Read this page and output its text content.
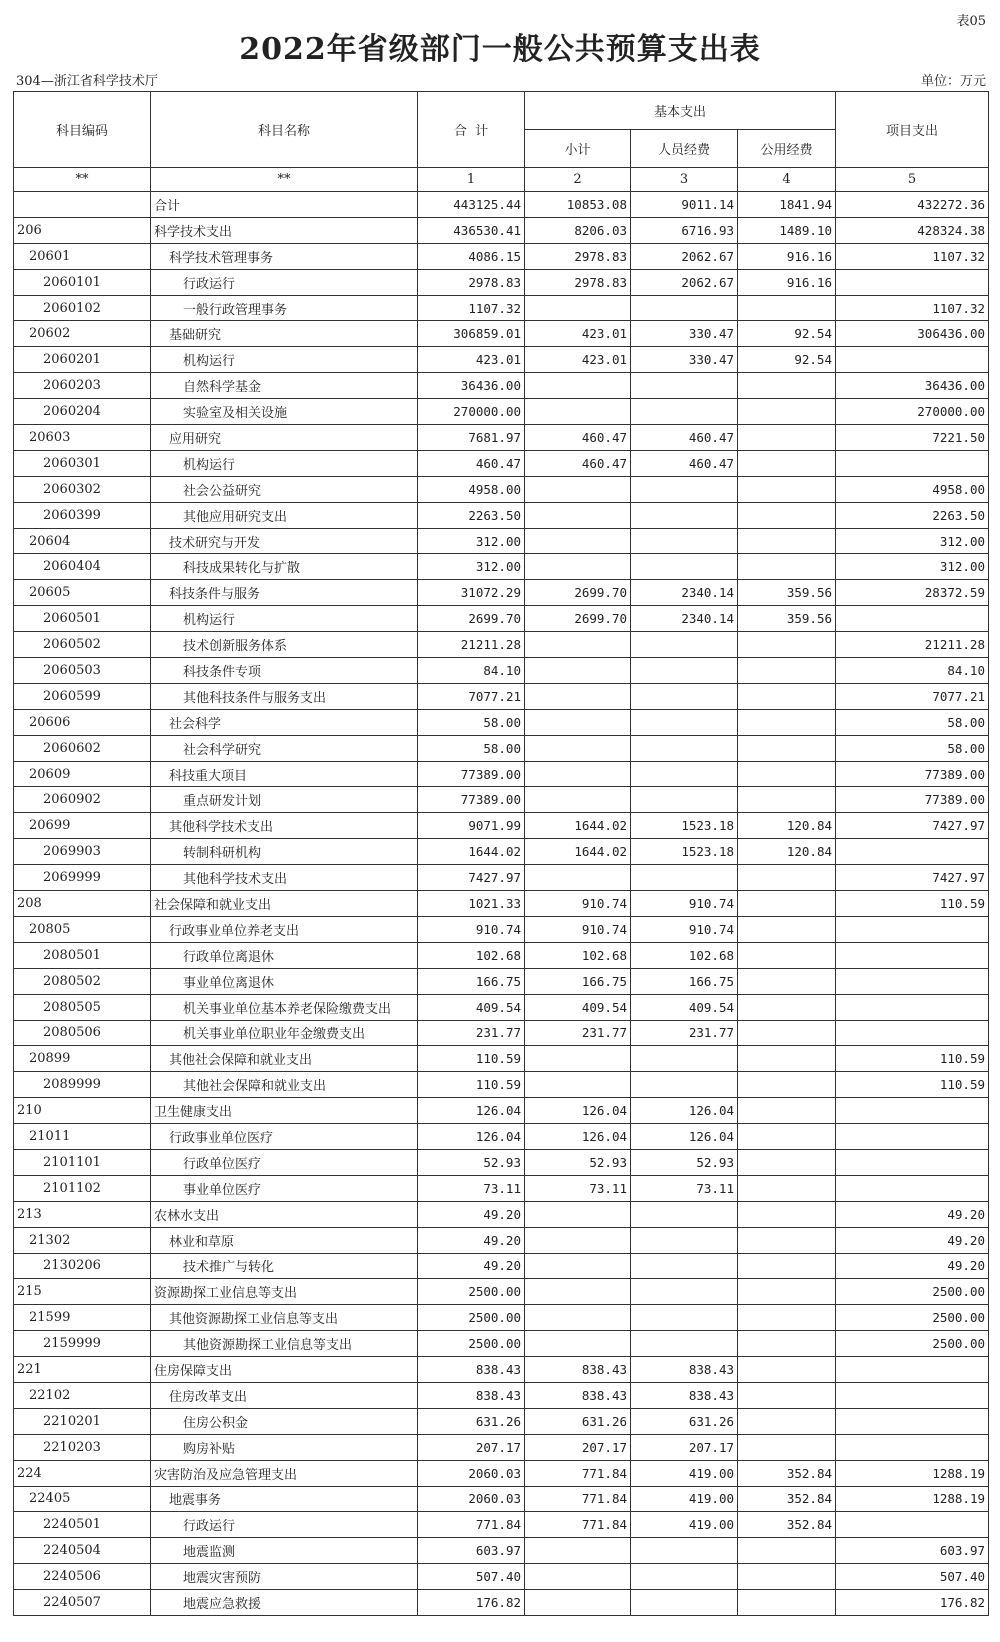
表05
2022年省级部门一般公共预算支出表
304—浙江省科学技术厅	单位：万元
科目编码	科目名称	合  计	基本支出			项目支出
			小计	人员经费	公用经费	
**	**	1	2	3	4	5
	合计	443125.44	10853.08	9011.14	1841.94	432272.36
206	科学技术支出	436530.41	8206.03	6716.93	1489.10	428324.38
20601	科学技术管理事务	4086.15	2978.83	2062.67	916.16	1107.32
2060101	行政运行	2978.83	2978.83	2062.67	916.16	
2060102	一般行政管理事务	1107.32				1107.32
20602	基础研究	306859.01	423.01	330.47	92.54	306436.00
2060201	机构运行	423.01	423.01	330.47	92.54	
2060203	自然科学基金	36436.00				36436.00
2060204	实验室及相关设施	270000.00				270000.00
20603	应用研究	7681.97	460.47	460.47		7221.50
2060301	机构运行	460.47	460.47	460.47		
2060302	社会公益研究	4958.00				4958.00
2060399	其他应用研究支出	2263.50				2263.50
20604	技术研究与开发	312.00				312.00
2060404	科技成果转化与扩散	312.00				312.00
20605	科技条件与服务	31072.29	2699.70	2340.14	359.56	28372.59
2060501	机构运行	2699.70	2699.70	2340.14	359.56	
2060502	技术创新服务体系	21211.28				21211.28
2060503	科技条件专项	84.10				84.10
2060599	其他科技条件与服务支出	7077.21				7077.21
20606	社会科学	58.00				58.00
2060602	社会科学研究	58.00				58.00
20609	科技重大项目	77389.00				77389.00
2060902	重点研发计划	77389.00				77389.00
20699	其他科学技术支出	9071.99	1644.02	1523.18	120.84	7427.97
2069903	转制科研机构	1644.02	1644.02	1523.18	120.84	
2069999	其他科学技术支出	7427.97				7427.97
208	社会保障和就业支出	1021.33	910.74	910.74		110.59
20805	行政事业单位养老支出	910.74	910.74	910.74		
2080501	行政单位离退休	102.68	102.68	102.68		
2080502	事业单位离退休	166.75	166.75	166.75		
2080505	机关事业单位基本养老保险缴费支出	409.54	409.54	409.54		
2080506	机关事业单位职业年金缴费支出	231.77	231.77	231.77		
20899	其他社会保障和就业支出	110.59				110.59
2089999	其他社会保障和就业支出	110.59				110.59
210	卫生健康支出	126.04	126.04	126.04		
21011	行政事业单位医疗	126.04	126.04	126.04		
2101101	行政单位医疗	52.93	52.93	52.93		
2101102	事业单位医疗	73.11	73.11	73.11		
213	农林水支出	49.20				49.20
21302	林业和草原	49.20				49.20
2130206	技术推广与转化	49.20				49.20
215	资源勘探工业信息等支出	2500.00				2500.00
21599	其他资源勘探工业信息等支出	2500.00				2500.00
2159999	其他资源勘探工业信息等支出	2500.00				2500.00
221	住房保障支出	838.43	838.43	838.43		
22102	住房改革支出	838.43	838.43	838.43		
2210201	住房公积金	631.26	631.26	631.26		
2210203	购房补贴	207.17	207.17	207.17		
224	灾害防治及应急管理支出	2060.03	771.84	419.00	352.84	1288.19
22405	地震事务	2060.03	771.84	419.00	352.84	1288.19
2240501	行政运行	771.84	771.84	419.00	352.84	
2240504	地震监测	603.97				603.97
2240506	地震灾害预防	507.40				507.40
2240507	地震应急救援	176.82				176.82
